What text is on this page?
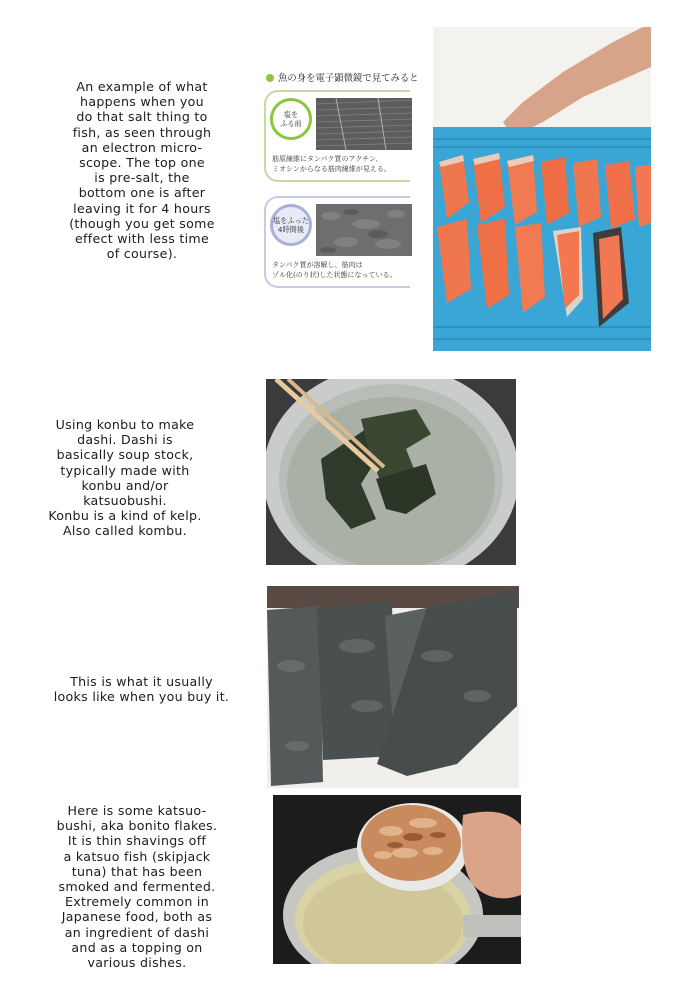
An example of what
happens when you
do that salt thing to
fish, as seen through
an electron micro-
scope. The top one
is pre-salt, the
bottom one is after
leaving it for 4 hours
(though you get some
effect with less time
of course).
魚の身を電子顕微鏡で見てみると
塩を
ふる前
筋原線維にタンパク質のアクチン、
ミオシンからなる筋肉線維が見える。
塩をふった
4時間後
タンパク質が溶解し、筋肉は
ゾル化(のり状)した状態になっている。
Using konbu to make
dashi. Dashi is
basically soup stock,
typically made with
konbu and/or
katsuobushi.
Konbu is a kind of kelp.
Also called kombu.
This is what it usually
looks like when you buy it.
Here is some katsuo-
bushi, aka bonito flakes.
It is thin shavings off
a katsuo fish (skipjack
tuna) that has been
smoked and fermented.
Extremely common in
Japanese food, both as
an ingredient of dashi
and as a topping on
various dishes.
